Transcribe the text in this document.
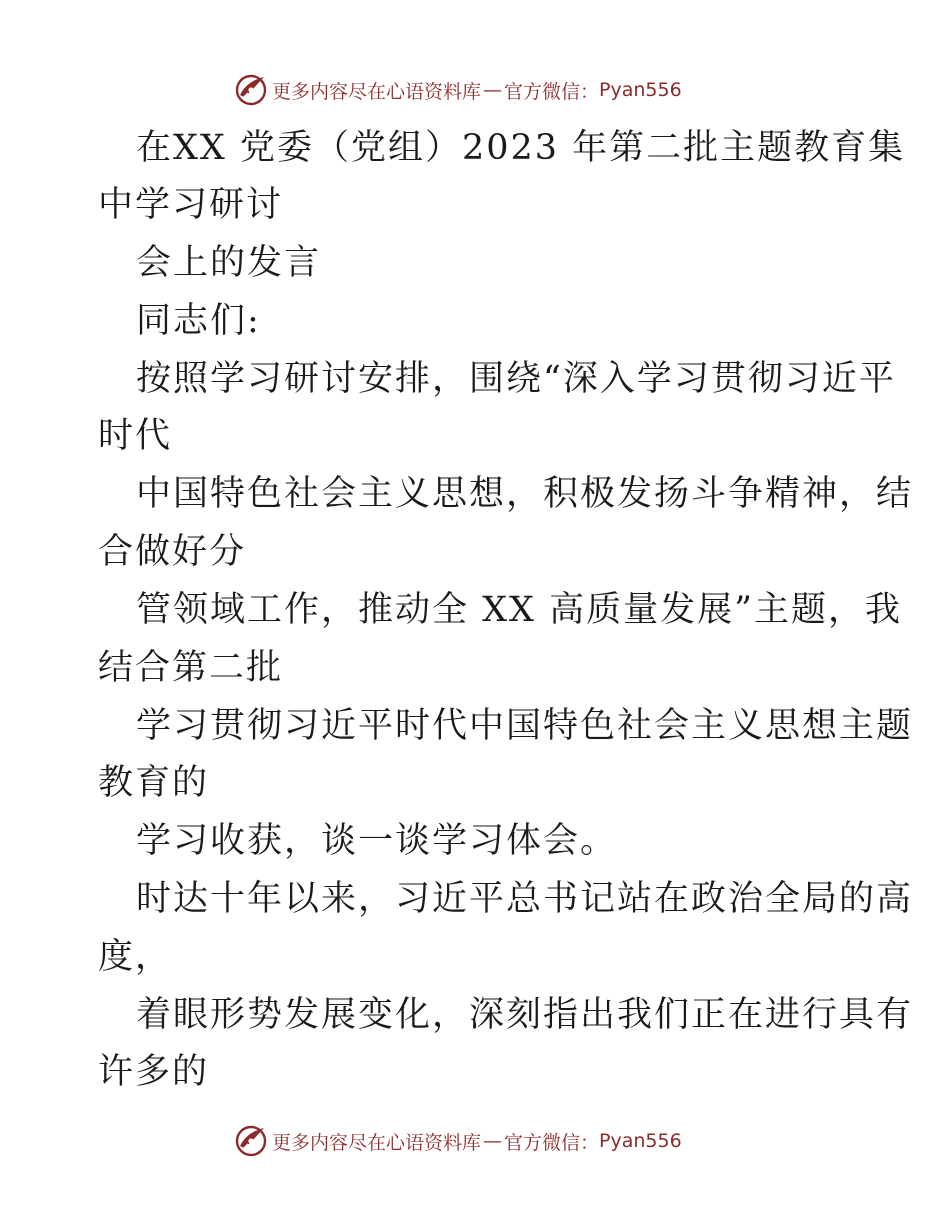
更多内容尽在心语资料库 — 官方微信： Pyan556
在XX 党委（党组）2023 年第二批主题教育集
中学习研讨
会上的发言
同志们:
按照学习研讨安排，围绕“深入学习贯彻习近平
时代
中国特色社会主义思想，积极发扬斗争精神，结
合做好分
管领域工作，推动全 XX 高质量发展”主题，我
结合第二批
学习贯彻习近平时代中国特色社会主义思想主题
教育的
学习收获，谈一谈学习体会。
时达十年以来，习近平总书记站在政治全局的高
度，
着眼形势发展变化，深刻指出我们正在进行具有
许多的
更多内容尽在心语资料库 — 官方微信： Pyan556
